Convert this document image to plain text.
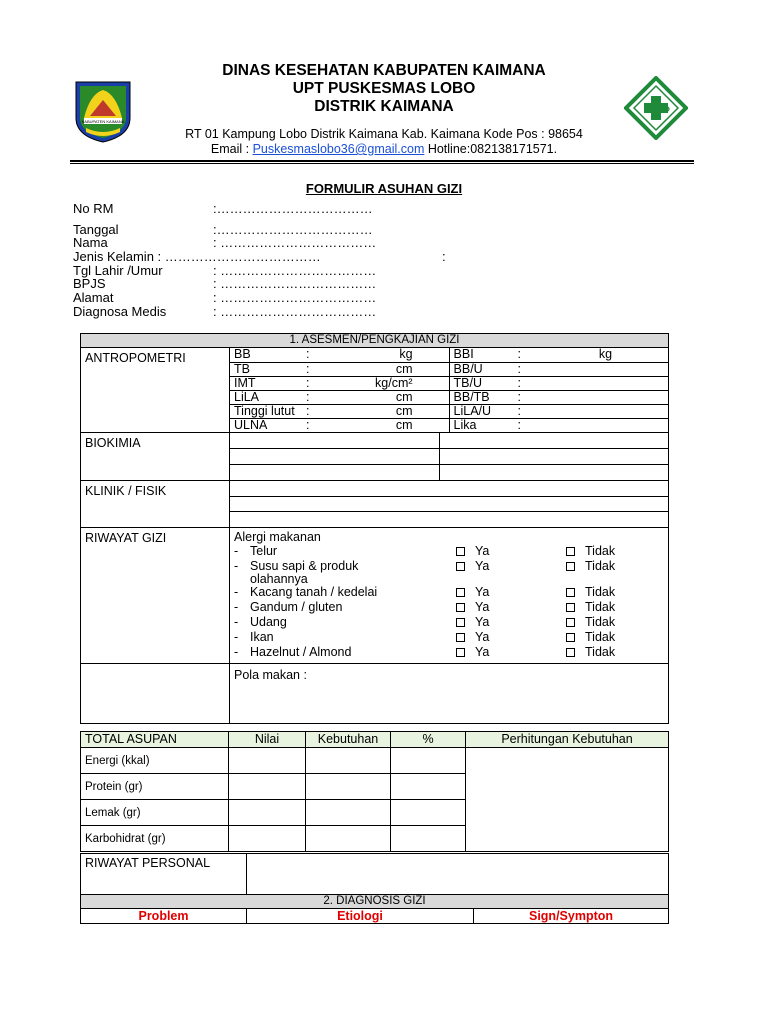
KABUPATEN KAIMANA
DINAS KESEHATAN KABUPATEN KAIMANA
UPT PUSKESMAS LOBO
DISTRIK KAIMANA
RT 01 Kampung Lobo Distrik Kaimana Kab. Kaimana Kode Pos : 98654
Email : Puskesmaslobo36@gmail.com Hotline:082138171571.
FORMULIR ASUHAN GIZI
No RM	:………………………………
Tanggal	:………………………………
Nama	: ………………………………
Jenis Kelamin : ………………………………	:
Tgl Lahir /Umur	: ………………………………
BPJS	: ………………………………
Alamat	: ………………………………
Diagnosa Medis	: ………………………………
1. ASESMEN/PENGKAJIAN GIZI
ANTROPOMETRI		BB	:	kg	BBI	:	kg

TB	:	cm	BB/U	:

IMT	:	kg/cm²	TB/U	:

LiLA	:	cm	BB/TB :

Tinggi lutut :	cm	LiLA/U :

ULNA	:	cm	Lika	:

BIOKIMIA	

KLINIK / FISIK	

RIWAYAT GIZI	Alergi makanan
- Telur	Ya	Tidak
- Susu sapi & produk olahannya
Ya	Tidak
- Kacang tanah / kedelai	Ya	Tidak
- Gandum / gluten	Ya	Tidak
- Udang	Ya	Tidak
- Ikan	Ya	Tidak
- Hazelnut / Almond	Ya	Tidak

	Pola makan :
TOTAL ASUPAN	Nilai	Kebutuhan	%	Perhitungan Kebutuhan
Energi (kkal)				
Protein (gr)				
Lemak (gr)				
Karbohidrat (gr)				
RIWAYAT PERSONAL		
2. DIAGNOSIS GIZI		
Problem	Etiologi	Sign/Sympton
